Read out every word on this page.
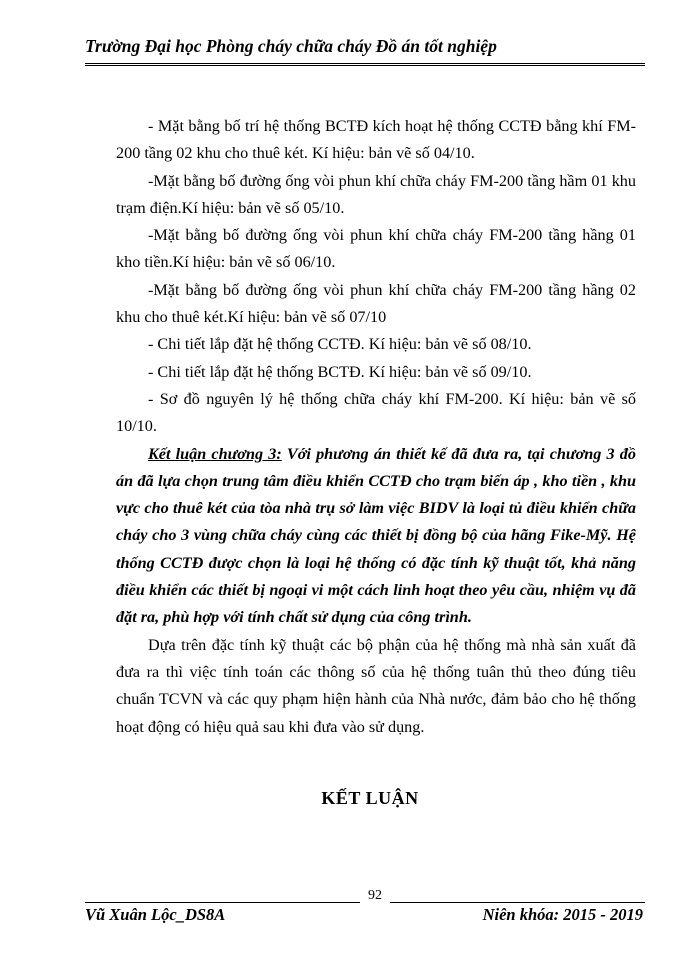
Trường Đại học Phòng cháy chữa cháy Đồ án tốt nghiệp

- Mặt bằng bố trí hệ thống BCTĐ kích hoạt hệ thống CCTĐ bằng khí FM-200 tầng 02 khu cho thuê két. Kí hiệu: bản vẽ số 04/10.

-Mặt bằng bố đường ống vòi phun khí chữa cháy FM-200 tầng hầm 01 khu trạm điện.Kí hiệu: bản vẽ số 05/10.

-Mặt bằng bố đường ống vòi phun khí chữa cháy FM-200 tầng hầng 01 kho tiền.Kí hiệu: bản vẽ số 06/10.

-Mặt bằng bố đường ống vòi phun khí chữa cháy FM-200 tầng hầng 02 khu cho thuê két.Kí hiệu: bản vẽ số 07/10

- Chi tiết lắp đặt hệ thống CCTĐ. Kí hiệu: bản vẽ số 08/10.

- Chi tiết lắp đặt hệ thống BCTĐ. Kí hiệu: bản vẽ số 09/10.

- Sơ đồ nguyên lý hệ thống chữa cháy khí FM-200. Kí hiệu: bản vẽ số 10/10.

Kết luận chương 3: Với phương án thiết kế đã đưa ra, tại chương 3 đồ án đã lựa chọn trung tâm điều khiển CCTĐ cho trạm biến áp , kho tiền , khu vực cho thuê két của tòa nhà trụ sở làm việc BIDV là loại tủ điều khiển chữa cháy cho 3 vùng chữa cháy cùng các thiết bị đồng bộ của hãng Fike-Mỹ. Hệ thống CCTĐ được chọn là loại hệ thống có đặc tính kỹ thuật tốt, khả năng điều khiển các thiết bị ngoại vi một cách linh hoạt theo yêu cầu, nhiệm vụ đã đặt ra, phù hợp với tính chất sử dụng của công trình.

Dựa trên đặc tính kỹ thuật các bộ phận của hệ thống mà nhà sản xuất đã đưa ra thì việc tính toán các thông số của hệ thống tuân thủ theo đúng tiêu chuẩn TCVN và các quy phạm hiện hành của Nhà nước, đảm bảo cho hệ thống hoạt động có hiệu quả sau khi đưa vào sử dụng.

KẾT LUẬN
92
Vũ Xuân Lộc_DS8A	Niên khóa: 2015 - 2019
